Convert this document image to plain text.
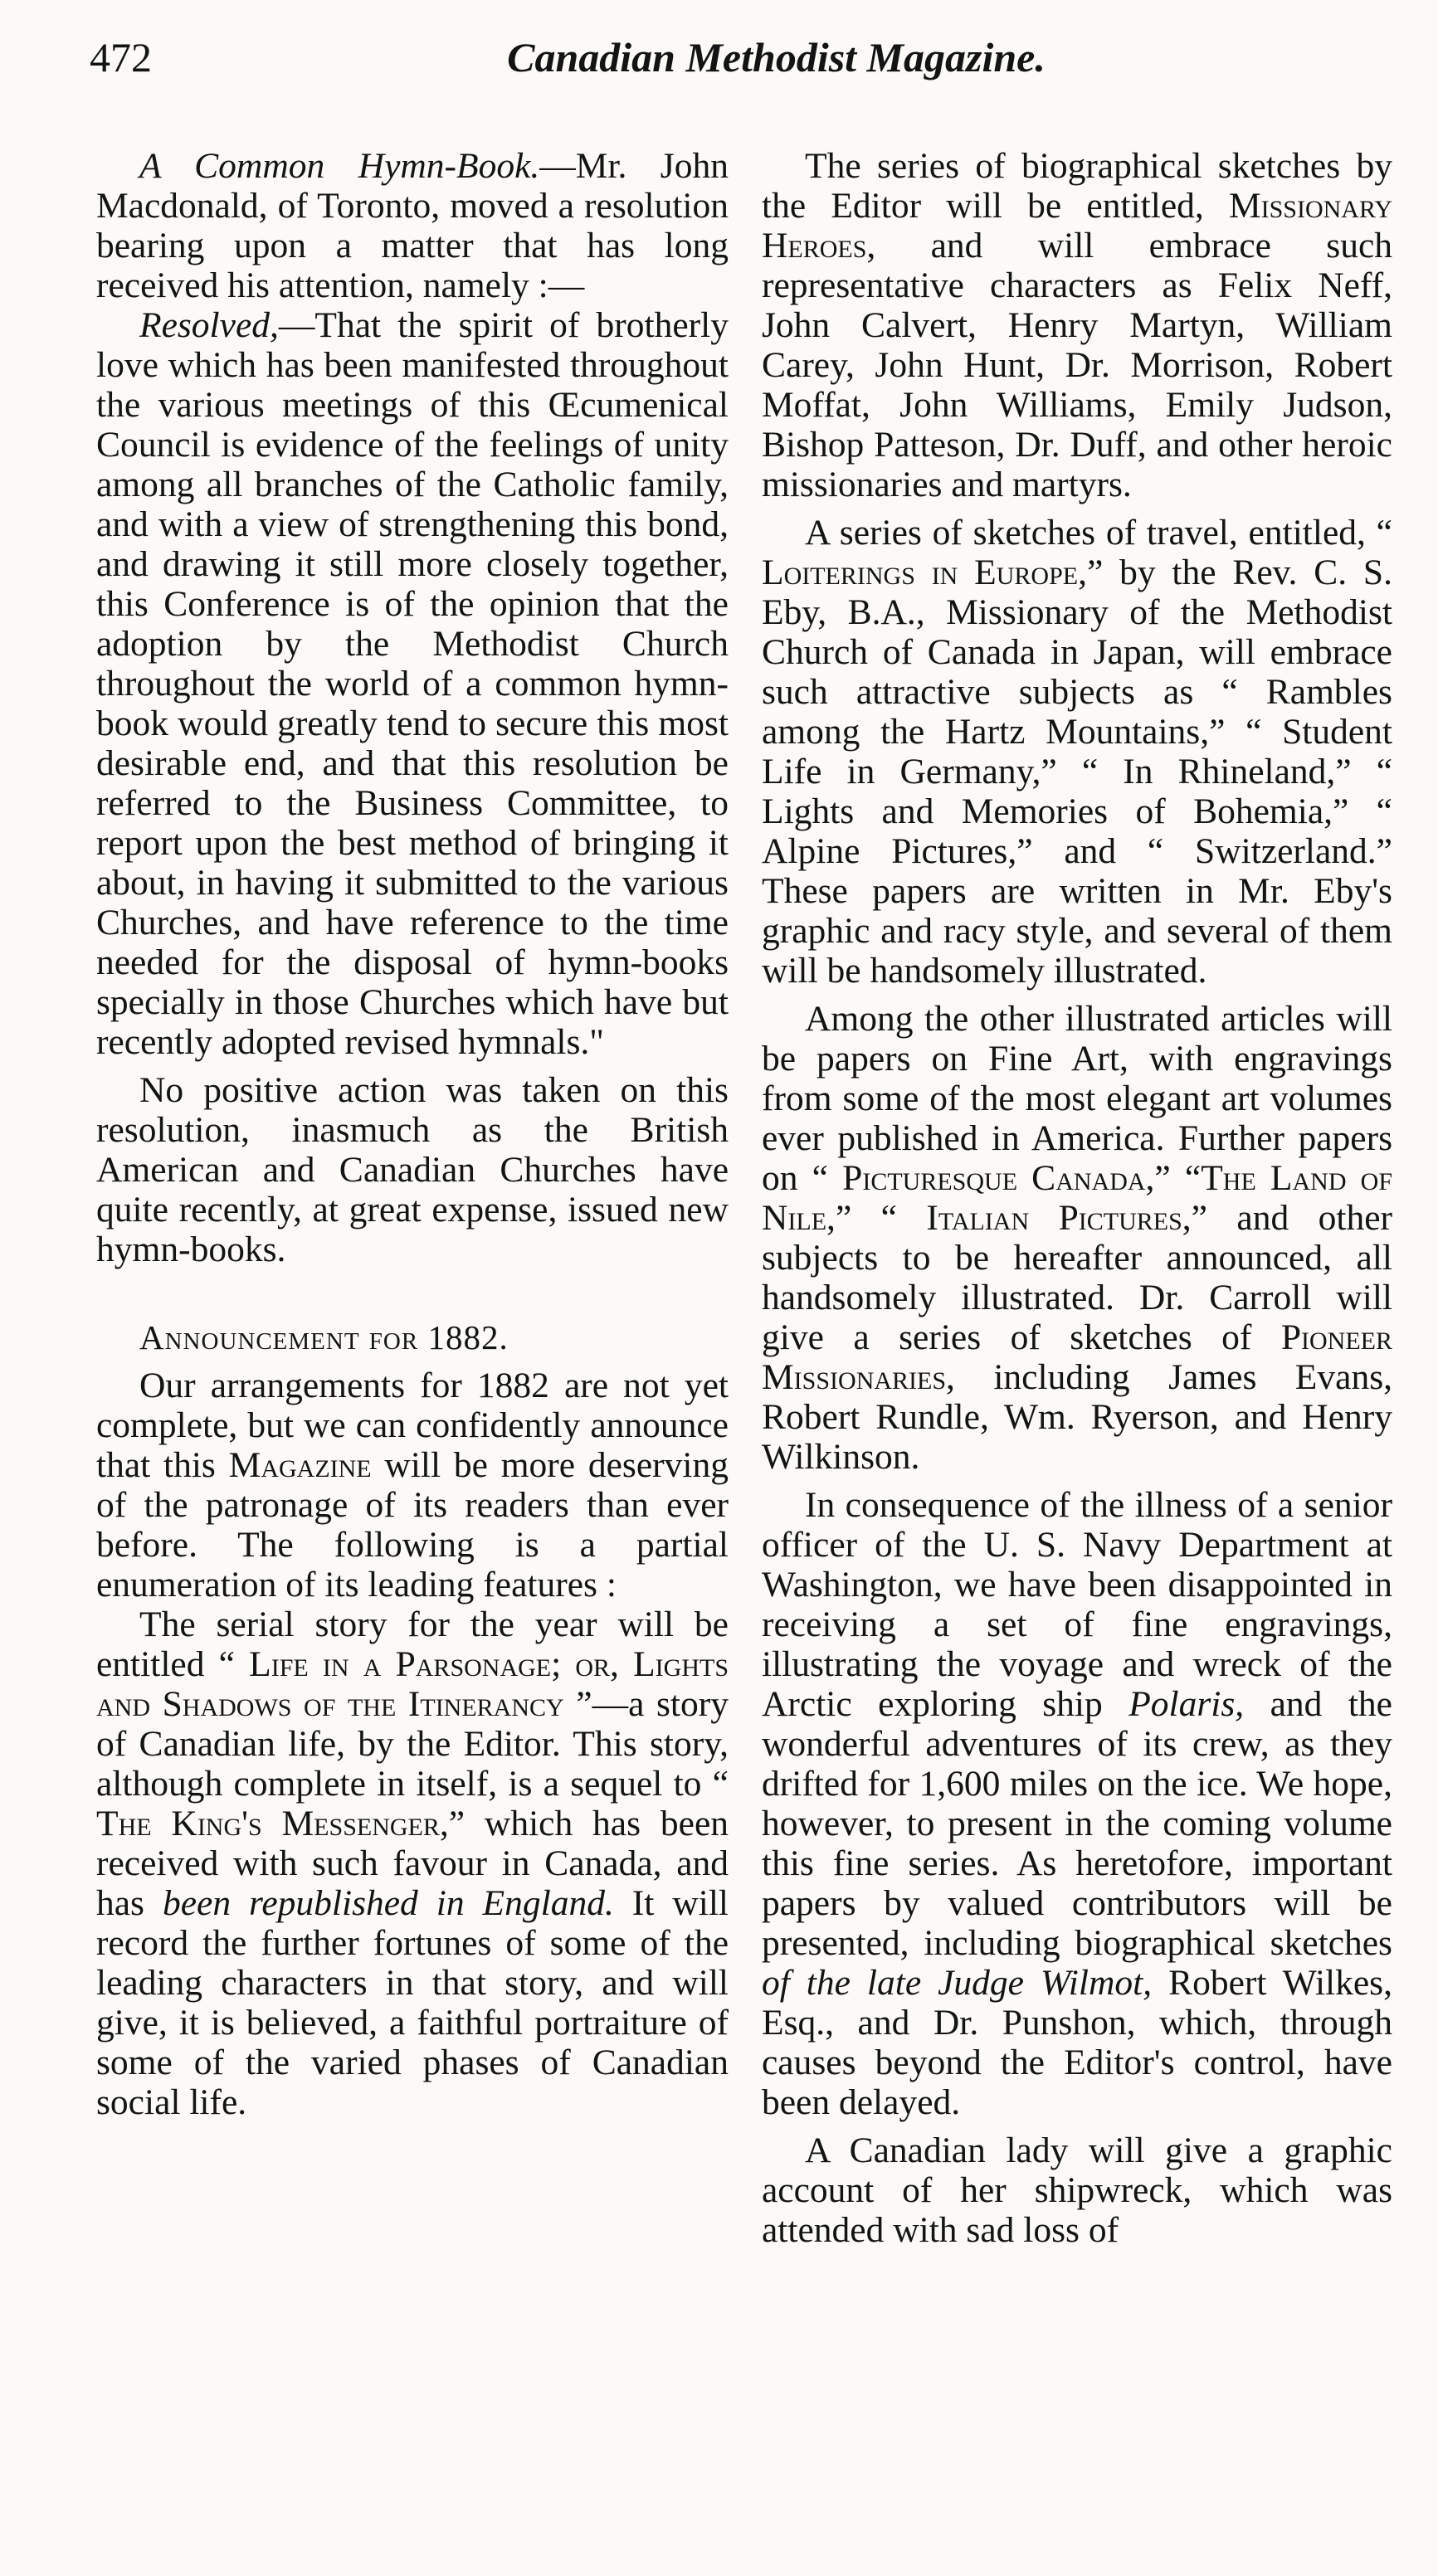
472	Canadian Methodist Magazine.

A Common Hymn-Book.—Mr. John Macdonald, of Toronto, moved a resolution bearing upon a matter that has long received his attention, namely :—

Resolved,—That the spirit of brotherly love which has been manifested throughout the various meetings of this Œcumenical Council is evidence of the feelings of unity among all branches of the Catholic family, and with a view of strengthening this bond, and drawing it still more closely together, this Conference is of the opinion that the adoption by the Methodist Church throughout the world of a common hymn-book would greatly tend to secure this most desirable end, and that this resolution be referred to the Business Committee, to report upon the best method of bringing it about, in having it submitted to the various Churches, and have reference to the time needed for the disposal of hymn-books specially in those Churches which have but recently adopted revised hymnals."

No positive action was taken on this resolution, inasmuch as the British American and Canadian Churches have quite recently, at great expense, issued new hymn-books.

Announcement for 1882.

Our arrangements for 1882 are not yet complete, but we can confidently announce that this Magazine will be more deserving of the patronage of its readers than ever before. The following is a partial enumeration of its leading features :

The serial story for the year will be entitled “ Life in a Parsonage; or, Lights and Shadows of the Itinerancy ”—a story of Canadian life, by the Editor. This story, although complete in itself, is a sequel to “ The King's Messenger,” which has been received with such favour in Canada, and has been republished in England. It will record the further fortunes of some of the leading characters in that story, and will give, it is believed, a faithful portraiture of some of the varied phases of Canadian social life.

The series of biographical sketches by the Editor will be entitled, Missionary Heroes, and will embrace such representative characters as Felix Neff, John Calvert, Henry Martyn, William Carey, John Hunt, Dr. Morrison, Robert Moffat, John Williams, Emily Judson, Bishop Patteson, Dr. Duff, and other heroic missionaries and martyrs.

A series of sketches of travel, entitled, “ Loiterings in Europe,” by the Rev. C. S. Eby, B.A., Missionary of the Methodist Church of Canada in Japan, will embrace such attractive subjects as “ Rambles among the Hartz Mountains,” “ Student Life in Germany,” “ In Rhineland,” “ Lights and Memories of Bohemia,” “ Alpine Pictures,” and “ Switzerland.” These papers are written in Mr. Eby's graphic and racy style, and several of them will be handsomely illustrated.

Among the other illustrated articles will be papers on Fine Art, with engravings from some of the most elegant art volumes ever published in America. Further papers on “ Picturesque Canada,” “The Land of Nile,” “ Italian Pictures,” and other subjects to be hereafter announced, all handsomely illustrated. Dr. Carroll will give a series of sketches of Pioneer Missionaries, including James Evans, Robert Rundle, Wm. Ryerson, and Henry Wilkinson.

In consequence of the illness of a senior officer of the U. S. Navy Department at Washington, we have been disappointed in receiving a set of fine engravings, illustrating the voyage and wreck of the Arctic exploring ship Polaris, and the wonderful adventures of its crew, as they drifted for 1,600 miles on the ice. We hope, however, to present in the coming volume this fine series. As heretofore, important papers by valued contributors will be presented, including biographical sketches of the late Judge Wilmot, Robert Wilkes, Esq., and Dr. Punshon, which, through causes beyond the Editor's control, have been delayed.

A Canadian lady will give a graphic account of her shipwreck, which was attended with sad loss of
